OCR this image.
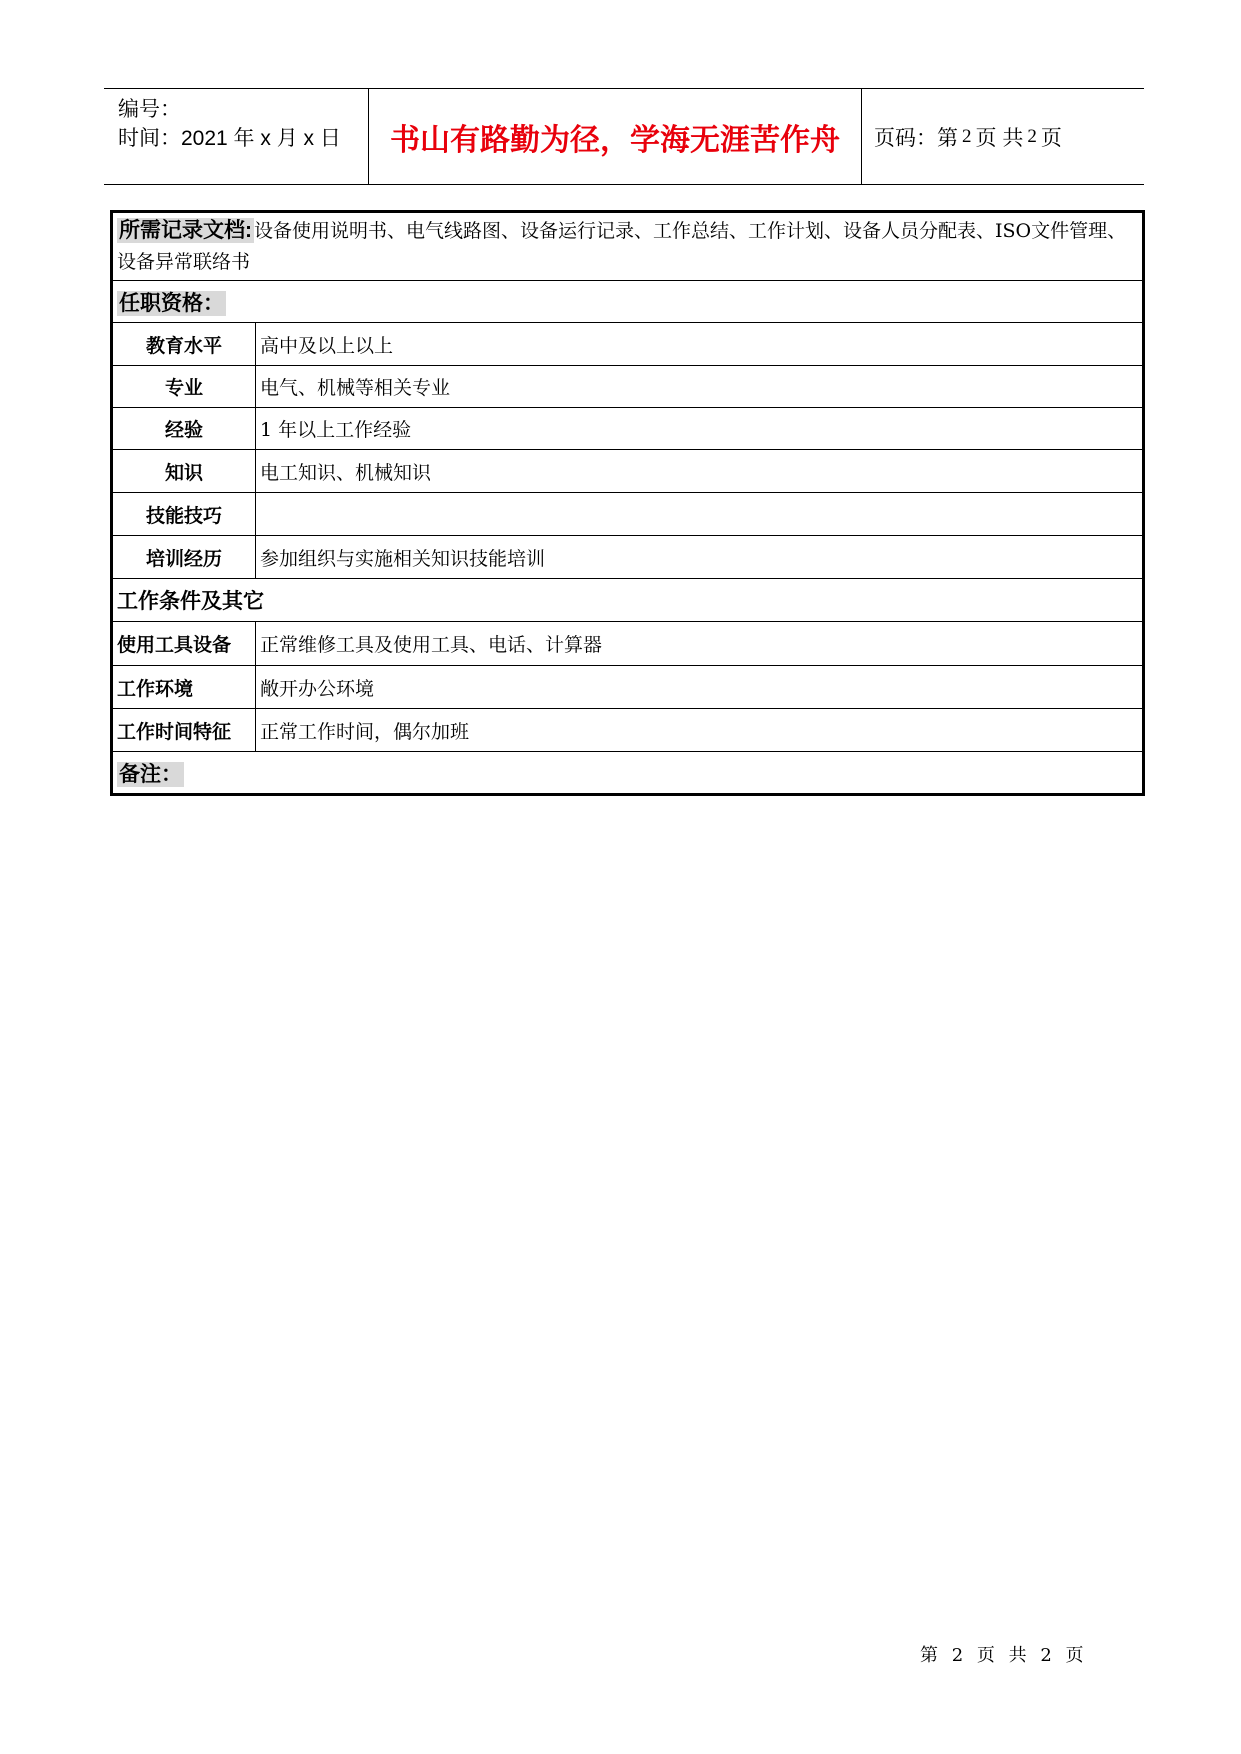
编号：
时间：2021 年 x 月 x 日	书山有路勤为径，学海无涯苦作舟	页码：第 2 页 共 2 页
所需记录文档: 设备使用说明书、电气线路图、设备运行记录、工作总结、工作计划、设备人员分配表、ISO文件管理、设备异常联络书	
任职资格：	
教育水平	高中及以上以上
专业	电气、机械等相关专业
经验	1 年以上工作经验
知识	电工知识、机械知识
技能技巧	
培训经历	参加组织与实施相关知识技能培训
工作条件及其它	
使用工具设备	正常维修工具及使用工具、电话、计算器
工作环境	敞开办公环境
工作时间特征	正常工作时间，偶尔加班
备注：	
第 2 页 共 2 页
